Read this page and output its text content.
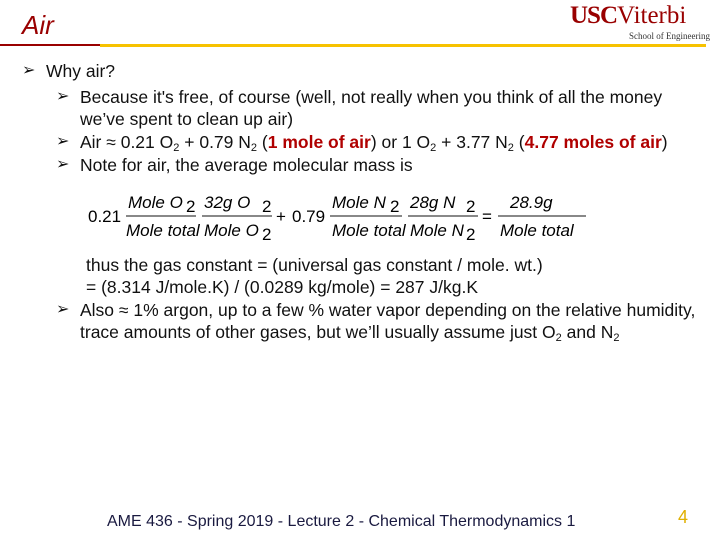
Air	USCViterbi
School of Engineering
➢ Why air?
➢ Because it's free, of course (well, not really when you think of all the money we’ve spent to clean up air)
➢ Air ≈ 0.21 $O_2 + 0.79$ $N_2$ (1 mole of air) or 1 $O_2 + 3.77$ $N_2$ (4.77 moles of air)
➢ Note for air, the average molecular mass is
0.21
Mole O 2
Mole total
32g O 2
Mole O 2
+ 0.79
Mole N 2
Mole total
28g N 2
Mole N 2
=
28.9g
Mole total
thus the gas constant = (universal gas constant / mole. wt.)
= (8.314 J/mole.K) / (0.0289 kg/mole) = 287 J/kg.K
➢ Also ≈ 1% argon, up to a few % water vapor depending on the relative humidity, trace amounts of other gases, but we’ll usually assume just $O_2$ and $N_2$
AME 436 - Spring 2019 - Lecture 2 - Chemical Thermodynamics 1	4
